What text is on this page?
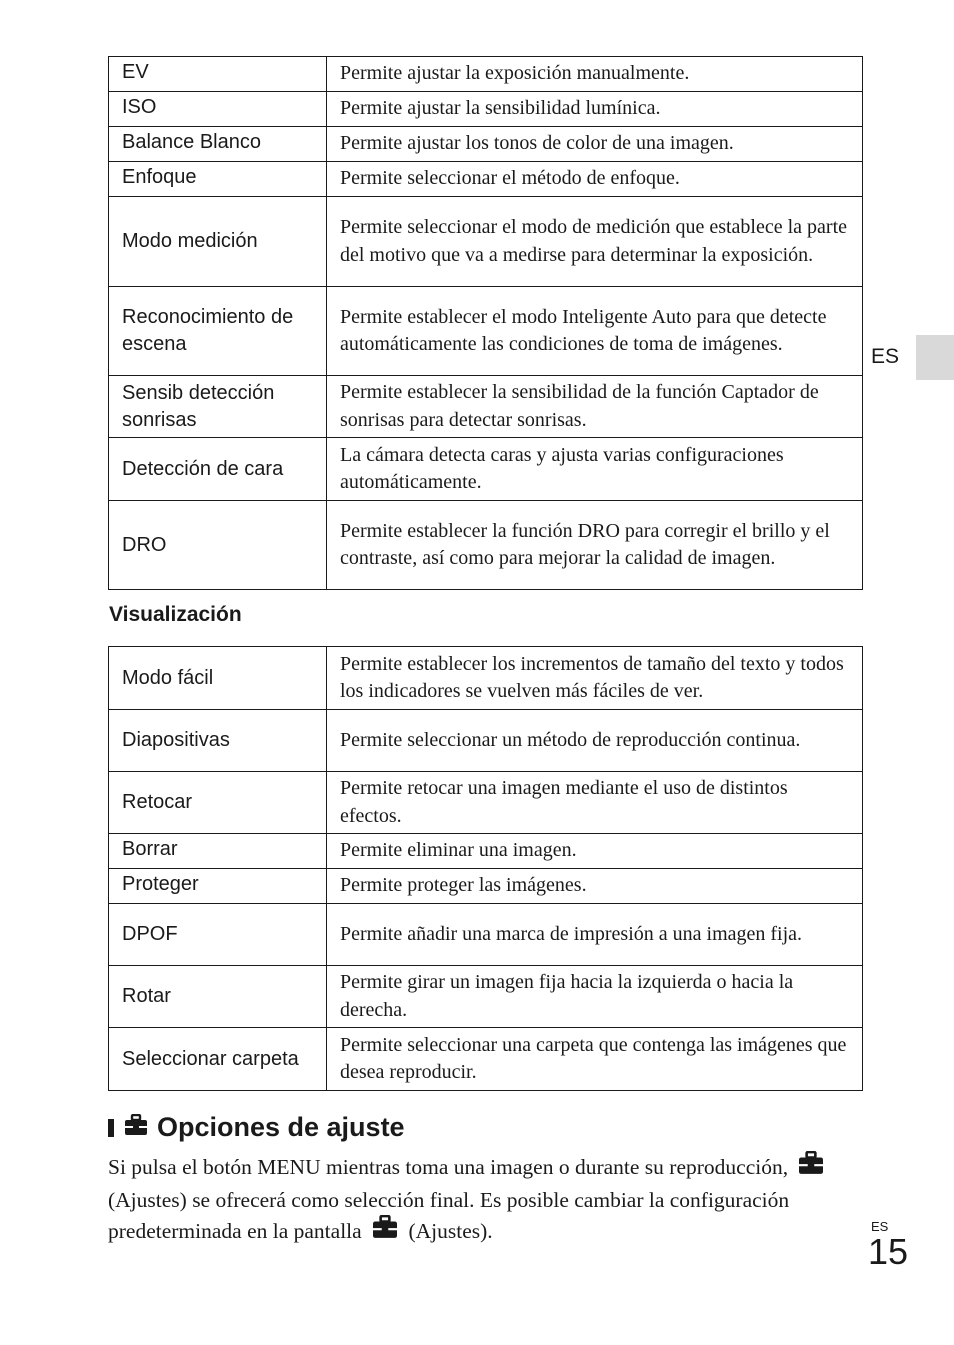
EV	Permite ajustar la exposición manualmente.
ISO	Permite ajustar la sensibilidad lumínica.
Balance Blanco	Permite ajustar los tonos de color de una imagen.
Enfoque	Permite seleccionar el método de enfoque.
Modo medición	Permite seleccionar el modo de medición que establece la parte del motivo que va a medirse para determinar la exposición.
Reconocimiento de escena	Permite establecer el modo Inteligente Auto para que detecte automáticamente las condiciones de toma de imágenes.
Sensib detección sonrisas	Permite establecer la sensibilidad de la función Captador de sonrisas para detectar sonrisas.
Detección de cara	La cámara detecta caras y ajusta varias configuraciones automáticamente.
DRO	Permite establecer la función DRO para corregir el brillo y el contraste, así como para mejorar la calidad de imagen.
Visualización
Modo fácil	Permite establecer los incrementos de tamaño del texto y todos los indicadores se vuelven más fáciles de ver.
Diapositivas	Permite seleccionar un método de reproducción continua.
Retocar	Permite retocar una imagen mediante el uso de distintos efectos.
Borrar	Permite eliminar una imagen.
Proteger	Permite proteger las imágenes.
DPOF	Permite añadir una marca de impresión a una imagen fija.
Rotar	Permite girar un imagen fija hacia la izquierda o hacia la derecha.
Seleccionar carpeta	Permite seleccionar una carpeta que contenga las imágenes que desea reproducir.
ES
Opciones de ajuste
Si pulsa el botón MENU mientras toma una imagen o durante su reproducción,  (Ajustes) se ofrecerá como selección final. Es posible cambiar la configuración predeterminada en la pantalla (Ajustes).	ES
15
